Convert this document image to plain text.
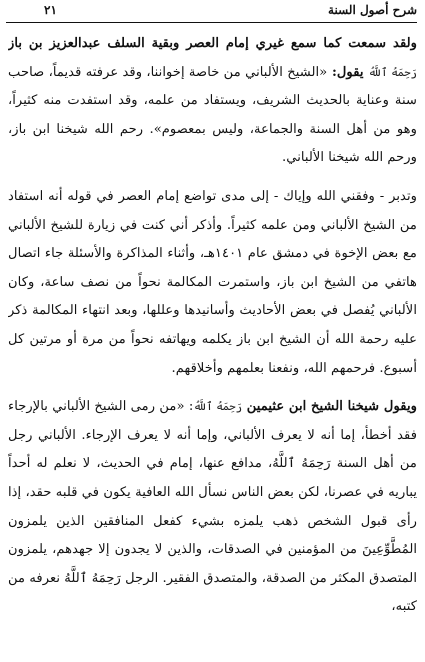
شرح أصول السنة
٢١

ولقد سمعت كما سمع غيري إمام العصر وبقية السلف عبدالعزيز بن باز رَحِمَهُ ٱللَّهُ يقول: «الشيخ الألباني من خاصة إخواننا، وقد عرفته قديماً، صاحب سنة وعناية بالحديث الشريف، ويستفاد من علمه، وقد استفدت منه كثيراً، وهو من أهل السنة والجماعة، وليس بمعصوم». رحم الله شيخنا ابن باز، ورحم الله شيخنا الألباني.

وتدبر - وفقني الله وإياك - إلى مدى تواضع إمام العصر في قوله أنه استفاد من الشيخ الألباني ومن علمه كثيراً. وأذكر أني كنت في زيارة للشيخ الألباني مع بعض الإخوة في دمشق عام ١٤٠١هـ، وأثناء المذاكرة والأسئلة جاء اتصال هاتفي من الشيخ ابن باز، واستمرت المكالمة نحواً من نصف ساعة، وكان الألباني يُفصل في بعض الأحاديث وأسانيدها وعللها، وبعد انتهاء المكالمة ذكر عليه رحمة الله أن الشيخ ابن باز يكلمه ويهاتفه نحواً من مرة أو مرتين كل أسبوع. فرحمهم الله، ونفعنا بعلمهم وأخلاقهم.

ويقول شيخنا الشيخ ابن عثيمين رَحِمَهُ ٱللَّهُ: «من رمى الشيخ الألباني بالإرجاء فقد أخطأ، إما أنه لا يعرف الألباني، وإما أنه لا يعرف الإرجاء. الألباني رجل من أهل السنة رَحِمَهُ ٱللَّهُ، مدافع عنها، إمام في الحديث، لا نعلم له أحداً يباريه في عصرنا، لكن بعض الناس نسأل الله العافية يكون في قلبه حقد، إذا رأى قبول الشخص ذهب يلمزه بشيء كفعل المنافقين الذين يلمزون المُطَّوِّعِينَ من المؤمنين في الصدقات، والذين لا يجدون إلا جهدهم، يلمزون المتصدق المكثر من الصدقة، والمتصدق الفقير. الرجل رَحِمَهُ ٱللَّهُ نعرفه من كتبه،
